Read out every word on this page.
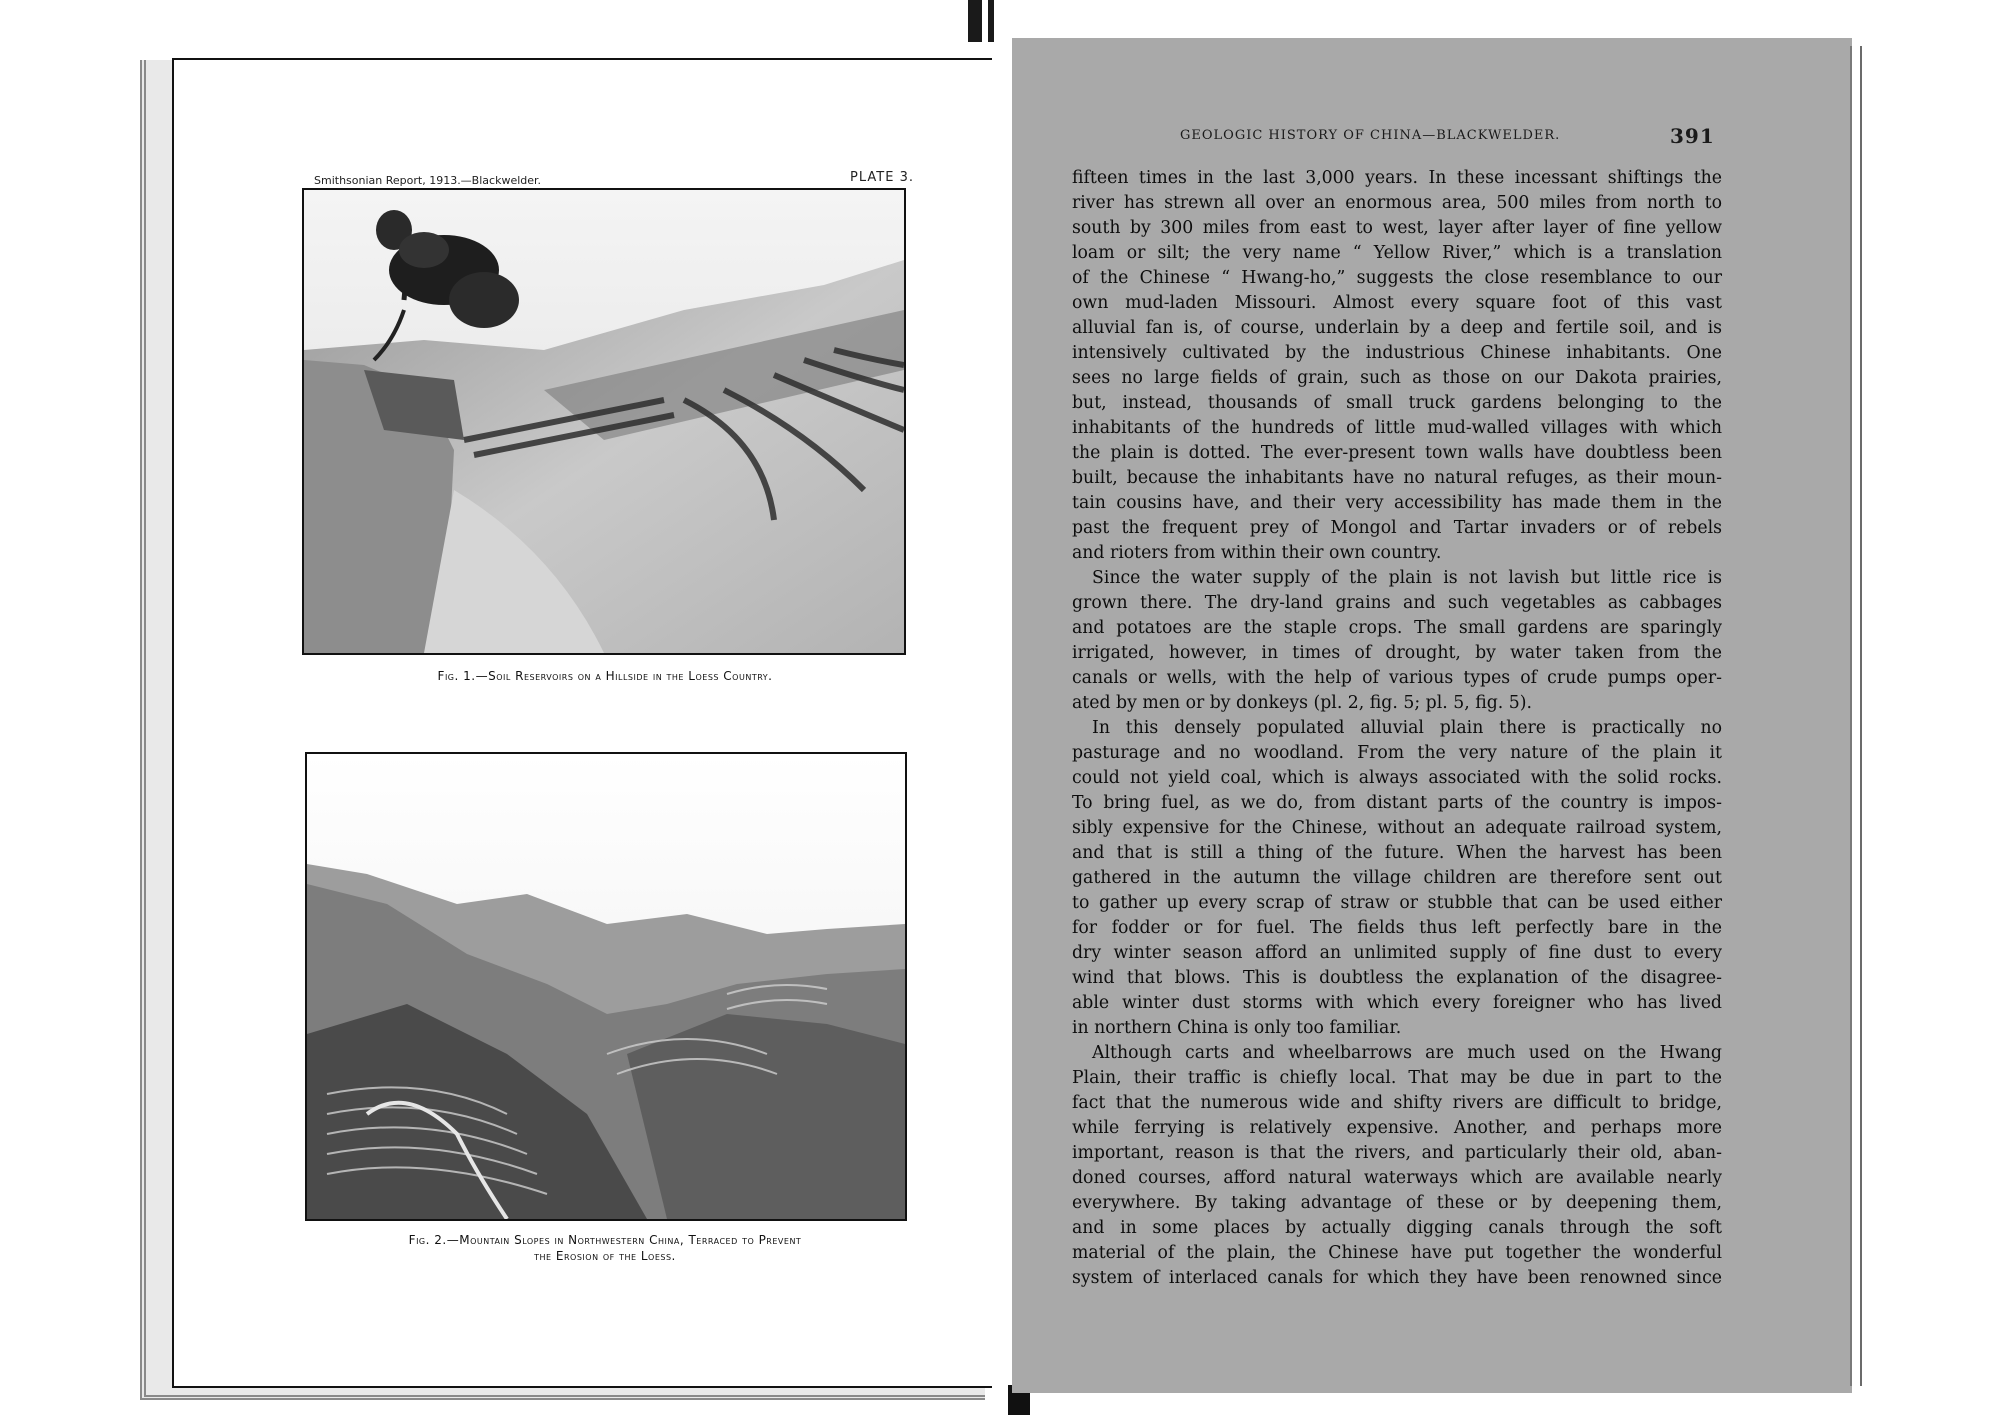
Smithsonian Report, 1913.—Blackwelder.	PLATE 3.
Fig. 1.—Soil Reservoirs on a Hillside in the Loess Country.
Fig. 2.—Mountain Slopes in Northwestern China, Terraced to Prevent
the Erosion of the Loess.
GEOLOGIC HISTORY OF CHINA—BLACKWELDER.	391
fifteen times in the last 3,000 years. In these incessant shiftings the
river has strewn all over an enormous area, 500 miles from north to
south by 300 miles from east to west, layer after layer of fine yellow
loam or silt; the very name “ Yellow River,” which is a translation
of the Chinese “ Hwang-ho,” suggests the close resemblance to our
own mud-laden Missouri. Almost every square foot of this vast
alluvial fan is, of course, underlain by a deep and fertile soil, and is
intensively cultivated by the industrious Chinese inhabitants. One
sees no large fields of grain, such as those on our Dakota prairies,
but, instead, thousands of small truck gardens belonging to the
inhabitants of the hundreds of little mud-walled villages with which
the plain is dotted. The ever-present town walls have doubtless been
built, because the inhabitants have no natural refuges, as their moun-
tain cousins have, and their very accessibility has made them in the
past the frequent prey of Mongol and Tartar invaders or of rebels
and rioters from within their own country.
Since the water supply of the plain is not lavish but little rice is
grown there. The dry-land grains and such vegetables as cabbages
and potatoes are the staple crops. The small gardens are sparingly
irrigated, however, in times of drought, by water taken from the
canals or wells, with the help of various types of crude pumps oper-
ated by men or by donkeys (pl. 2, fig. 5; pl. 5, fig. 5).
In this densely populated alluvial plain there is practically no
pasturage and no woodland. From the very nature of the plain it
could not yield coal, which is always associated with the solid rocks.
To bring fuel, as we do, from distant parts of the country is impos-
sibly expensive for the Chinese, without an adequate railroad system,
and that is still a thing of the future. When the harvest has been
gathered in the autumn the village children are therefore sent out
to gather up every scrap of straw or stubble that can be used either
for fodder or for fuel. The fields thus left perfectly bare in the
dry winter season afford an unlimited supply of fine dust to every
wind that blows. This is doubtless the explanation of the disagree-
able winter dust storms with which every foreigner who has lived
in northern China is only too familiar.
Although carts and wheelbarrows are much used on the Hwang
Plain, their traffic is chiefly local. That may be due in part to the
fact that the numerous wide and shifty rivers are difficult to bridge,
while ferrying is relatively expensive. Another, and perhaps more
important, reason is that the rivers, and particularly their old, aban-
doned courses, afford natural waterways which are available nearly
everywhere. By taking advantage of these or by deepening them,
and in some places by actually digging canals through the soft
material of the plain, the Chinese have put together the wonderful
system of interlaced canals for which they have been renowned since
